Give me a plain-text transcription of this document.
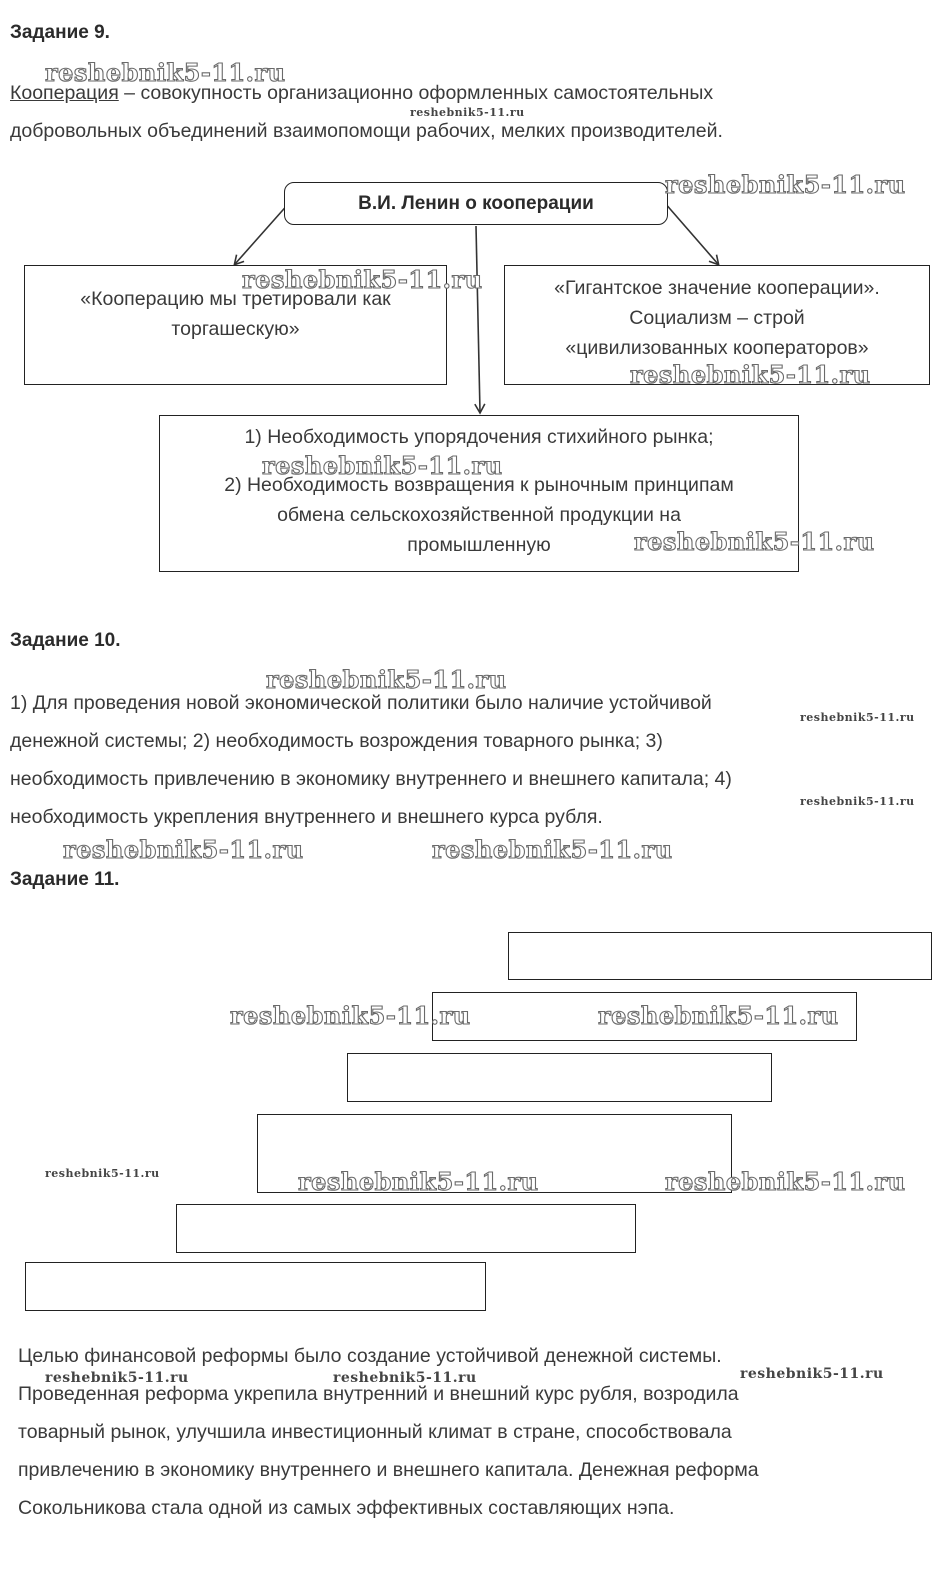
Задание 9.
Кооперация – совокупность организационно оформленных самостоятельных
добровольных объединений взаимопомощи рабочих, мелких производителей.
В.И. Ленин о кооперации
«Кооперацию мы третировали как
торгашескую»
«Гигантское значение кооперации».
Социализм – строй
«цивилизованных кооператоров»
1) Необходимость упорядочения стихийного рынка;
2) Необходимость возвращения к рыночным принципам
обмена сельскохозяйственной продукции на
промышленную
Задание 10.
1) Для проведения новой экономической политики было наличие устойчивой
денежной системы; 2) необходимость возрождения товарного рынка; 3)
необходимость привлечению в экономику внутреннего и внешнего капитала; 4)
необходимость укрепления внутреннего и внешнего курса рубля.
Задание 11.
Целью финансовой реформы было создание устойчивой денежной системы.
Проведенная реформа укрепила внутренний и внешний курс рубля, возродила
товарный рынок, улучшила инвестиционный климат в стране, способствовала
привлечению в экономику внутреннего и внешнего капитала. Денежная реформа
Сокольникова стала одной из самых эффективных составляющих нэпа.
reshebnik5-11.ru
reshebnik5-11.ru
reshebnik5-11.ru
reshebnik5-11.ru
reshebnik5-11.ru
reshebnik5-11.ru
reshebnik5-11.ru
reshebnik5-11.ru
reshebnik5-11.ru
reshebnik5-11.ru
reshebnik5-11.ru	reshebnik5-11.ru
reshebnik5-11.ru	reshebnik5-11.ru
reshebnik5-11.ru	reshebnik5-11.ru	reshebnik5-11.ru
reshebnik5-11.ru	reshebnik5-11.ru	reshebnik5-11.ru
